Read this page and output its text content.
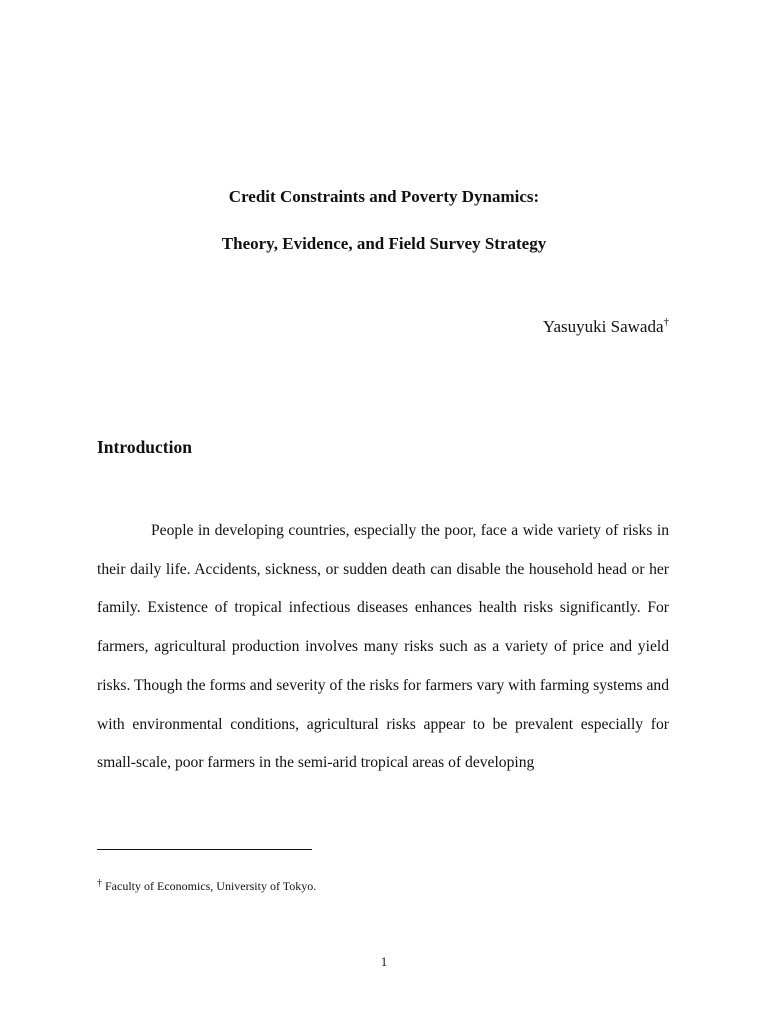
Credit Constraints and Poverty Dynamics:
Theory, Evidence, and Field Survey Strategy
Yasuyuki Sawada†
Introduction

People in developing countries, especially the poor, face a wide variety of risks in their daily life. Accidents, sickness, or sudden death can disable the household head or her family. Existence of tropical infectious diseases enhances health risks significantly. For farmers, agricultural production involves many risks such as a variety of price and yield risks. Though the forms and severity of the risks for farmers vary with farming systems and with environmental conditions, agricultural risks appear to be prevalent especially for small-scale, poor farmers in the semi-arid tropical areas of developing

† Faculty of Economics, University of Tokyo.
1
